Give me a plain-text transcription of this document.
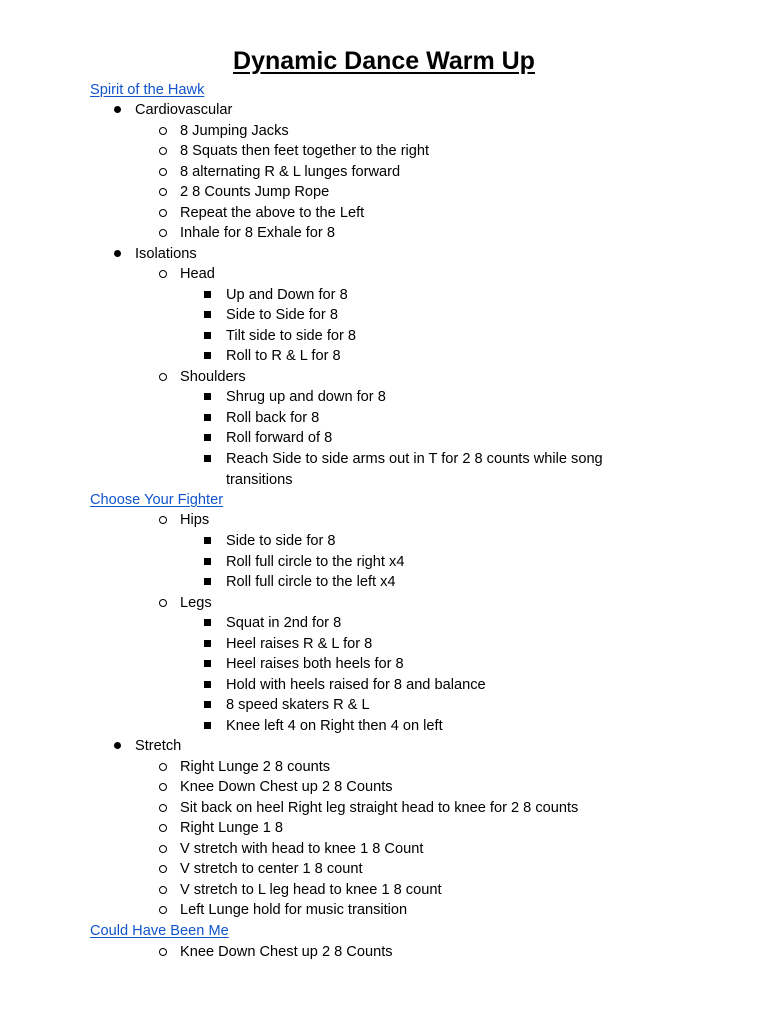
Dynamic Dance Warm Up
Spirit of the Hawk
Cardiovascular
8 Jumping Jacks
8 Squats then feet together to the right
8 alternating R & L lunges forward
2 8 Counts Jump Rope
Repeat the above to the Left
Inhale for 8 Exhale for 8
Isolations
Head
Up and Down for 8
Side to Side for 8
Tilt side to side for 8
Roll to R & L for 8
Shoulders
Shrug up and down for 8
Roll back for 8
Roll forward of 8
Reach Side to side arms out in T for 2 8 counts while song
transitions
Choose Your Fighter
Hips
Side to side for 8
Roll full circle to the right x4
Roll full circle to the left x4
Legs
Squat in 2nd for 8
Heel raises R & L for 8
Heel raises both heels for 8
Hold with heels raised for 8 and balance
8 speed skaters R & L
Knee left 4 on Right then 4 on left
Stretch
Right Lunge 2 8 counts
Knee Down Chest up 2 8 Counts
Sit back on heel Right leg straight head to knee for 2 8 counts
Right Lunge 1 8
V stretch with head to knee 1 8 Count
V stretch to center 1 8 count
V stretch to L leg head to knee 1 8 count
Left Lunge hold for music transition
Could Have Been Me
Knee Down Chest up 2 8 Counts
